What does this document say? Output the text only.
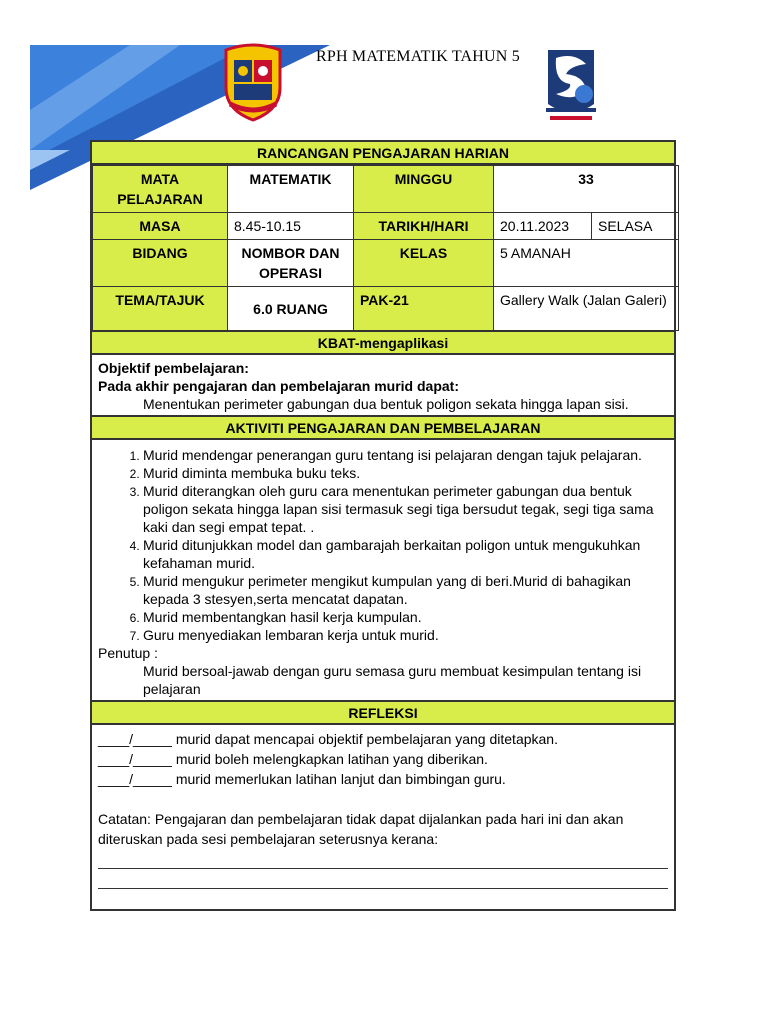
RPH MATEMATIK TAHUN 5
RANCANGAN PENGAJARAN HARIAN
MATA PELAJARAN	MATEMATIK	MINGGU	33	
MASA	8.45-10.15	TARIKH/HARI	20.11.2023	SELASA
BIDANG	NOMBOR DAN OPERASI	KELAS	5 AMANAH	
TEMA/TAJUK	6.0 RUANG	PAK-21	Gallery Walk (Jalan Galeri)	
KBAT-mengaplikasi
Objektif pembelajaran:
Pada akhir pengajaran dan pembelajaran murid dapat:
Menentukan perimeter gabungan dua bentuk poligon sekata hingga lapan sisi.
AKTIVITI PENGAJARAN DAN PEMBELAJARAN
1. Murid mendengar penerangan guru tentang isi pelajaran dengan tajuk pelajaran.
2. Murid diminta membuka buku teks.
3. Murid diterangkan oleh guru cara menentukan perimeter gabungan dua bentuk poligon sekata hingga lapan sisi termasuk segi tiga bersudut tegak, segi tiga sama kaki dan segi empat tepat. .
4. Murid ditunjukkan model dan gambarajah berkaitan poligon untuk mengukuhkan kefahaman murid.
5. Murid mengukur perimeter mengikut kumpulan yang di beri.Murid di bahagikan kepada 3 stesyen,serta mencatat dapatan.
6. Murid membentangkan hasil kerja kumpulan.
7. Guru menyediakan lembaran kerja untuk murid.
Penutup :
Murid bersoal-jawab dengan guru semasa guru membuat kesimpulan tentang isi pelajaran
REFLEKSI
____/_____ murid dapat mencapai objektif pembelajaran yang ditetapkan.
____/_____ murid boleh melengkapkan latihan yang diberikan.
____/_____ murid memerlukan latihan lanjut dan bimbingan guru.
Catatan: Pengajaran dan pembelajaran tidak dapat dijalankan pada hari ini dan akan diteruskan pada sesi pembelajaran seterusnya kerana:
